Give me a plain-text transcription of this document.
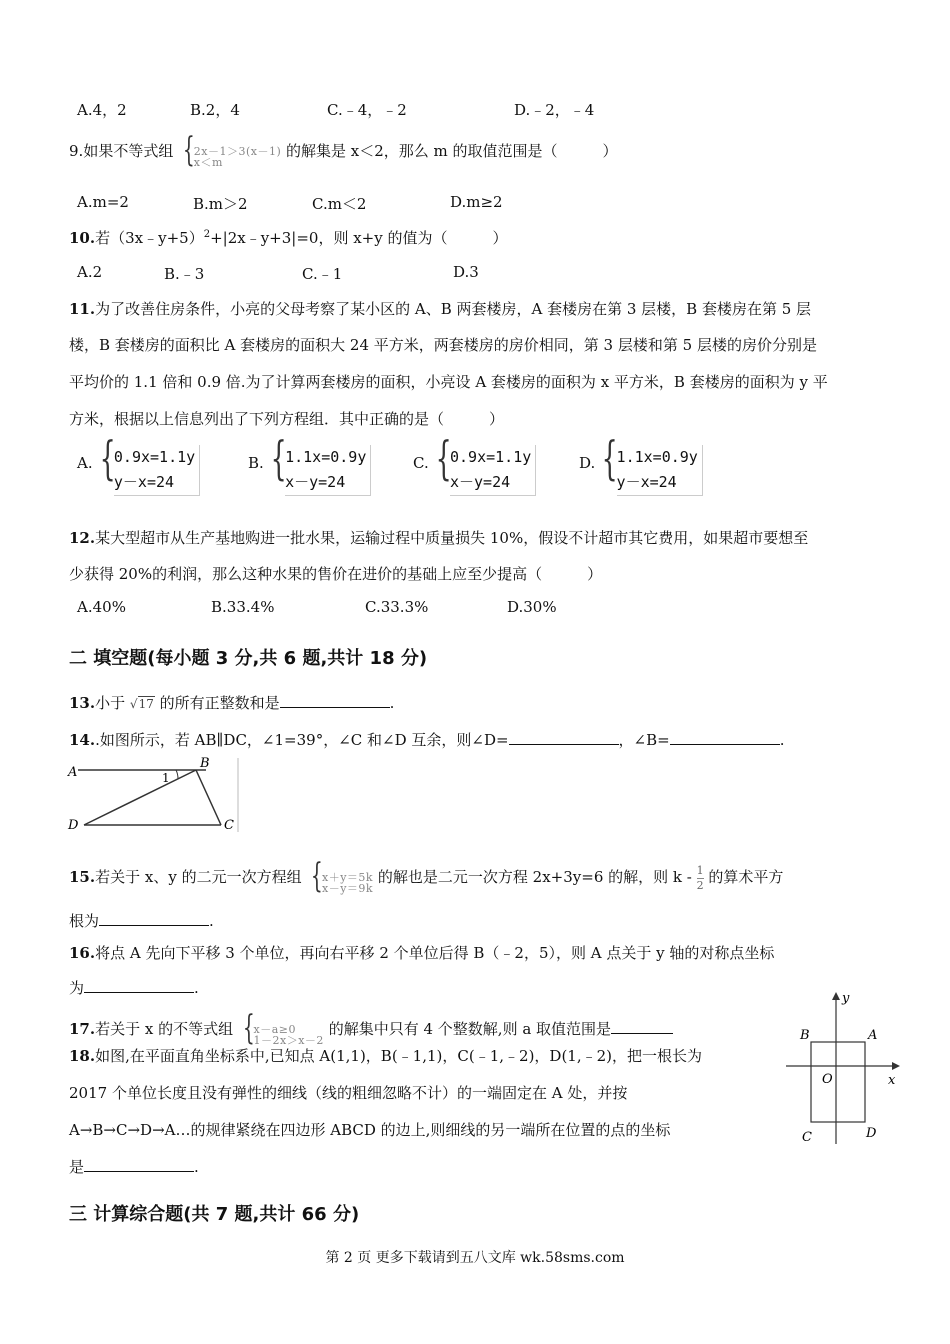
A.4，2	B.2，4	C.﹣4，﹣2	D.﹣2，﹣4
9.如果不等式组 {
2x－1＞3(x－1)
x＜m
的解集是 x＜2，那么 m 的取值范围是（　　　）
A.m=2	B.m＞2	C.m＜2	D.m≥2
10.若（3x﹣y+5）$^2$+|2x﹣y+3|=0，则 x+y 的值为（　　　）
A.2	B.﹣3	C.﹣1	D.3
11.为了改善住房条件，小亮的父母考察了某小区的 A、B 两套楼房，A 套楼房在第 3 层楼，B 套楼房在第 5 层
楼，B 套楼房的面积比 A 套楼房的面积大 24 平方米，两套楼房的房价相同，第 3 层楼和第 5 层楼的房价分别是
平均价的 1.1 倍和 0.9 倍.为了计算两套楼房的面积，小亮设 A 套楼房的面积为 x 平方米，B 套楼房的面积为 y 平
方米，根据以上信息列出了下列方程组．其中正确的是（　　　）
A. {
0.9x=1.1y
y－x=24
B. {
1.1x=0.9y
x－y=24
C. {
0.9x=1.1y
x－y=24
D. {
1.1x=0.9y
y－x=24
12.某大型超市从生产基地购进一批水果，运输过程中质量损失 10%，假设不计超市其它费用，如果超市要想至
少获得 20%的利润，那么这种水果的售价在进价的基础上应至少提高（　　　）
A.40%	B.33.4%	C.33.3%	D.30%
二 填空题(每小题 3 分,共 6 题,共计 18 分)
13.小于 √17 的所有正整数和是	.
14..如图所示，若 AB∥DC，∠1=39°，∠C 和∠D 互余，则∠D=	，∠B=	.
A
B
C
D
1
15.若关于 x、y 的二元一次方程组 {
x＋y＝5k
x－y＝9k
的解也是二元一次方程 2x+3y=6 的解，则 k - $\frac{1}{2}$ 的算术平方
根为	.
16.将点 A 先向下平移 3 个单位，再向右平移 2 个单位后得 B（﹣2，5），则 A 点关于 y 轴的对称点坐标
为	.
17.若关于 x 的不等式组 {
x－a≥0
1－2x＞x－2
的解集中只有 4 个整数解,则 a 取值范围是
18.如图,在平面直角坐标系中,已知点 A(1,1)，B(﹣1,1)，C(﹣1,﹣2)，D(1,﹣2)，把一根长为
2017 个单位长度且没有弹性的细线（线的粗细忽略不计）的一端固定在 A 处，并按
A→B→C→D→A…的规律紧绕在四边形 ABCD 的边上,则细线的另一端所在位置的点的坐标
是	.
x
y
O
A
B
C	D
三 计算综合题(共 7 题,共计 66 分)
第 2 页 更多下载请到五八文库 wk.58sms.com
